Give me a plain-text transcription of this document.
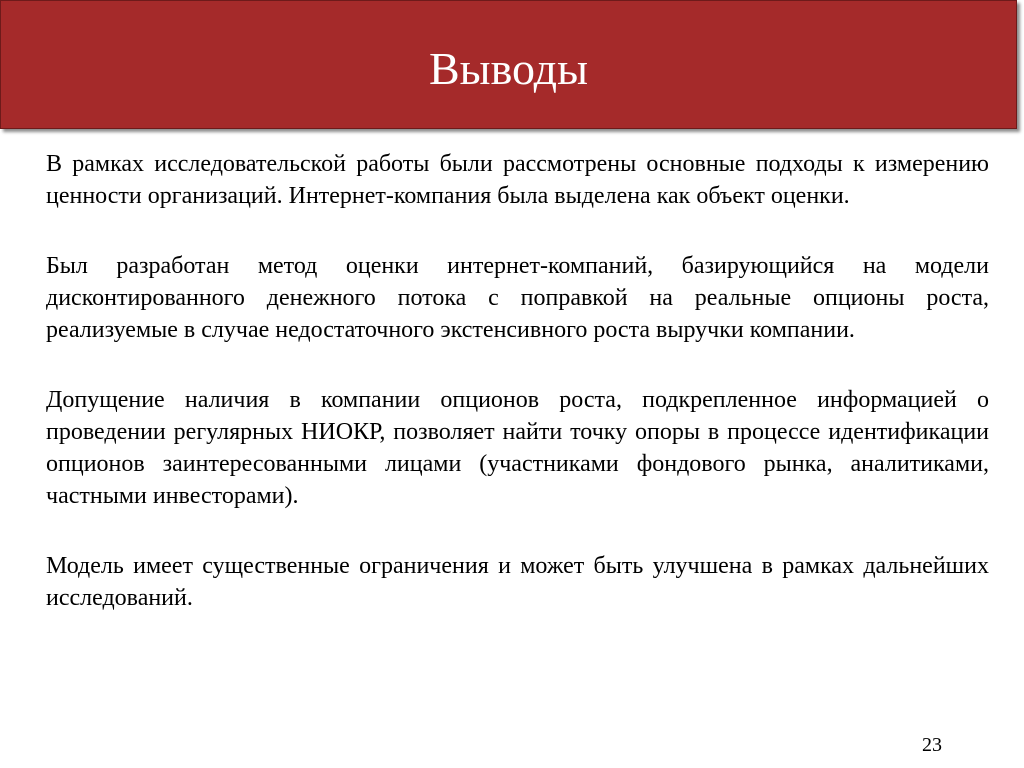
Выводы

В рамках исследовательской работы были рассмотрены основные подходы к измерению ценности организаций. Интернет-компания была выделена как объект оценки.

Был разработан метод оценки интернет-компаний, базирующийся на модели дисконтированного денежного потока с поправкой на реальные опционы роста, реализуемые в случае недостаточного экстенсивного роста выручки компании.

Допущение наличия в компании опционов роста, подкрепленное информацией о проведении регулярных НИОКР, позволяет найти точку опоры в процессе идентификации опционов заинтересованными лицами (участниками фондового рынка, аналитиками, частными инвесторами).

Модель имеет существенные ограничения и может быть улучшена в рамках дальнейших исследований.

23
